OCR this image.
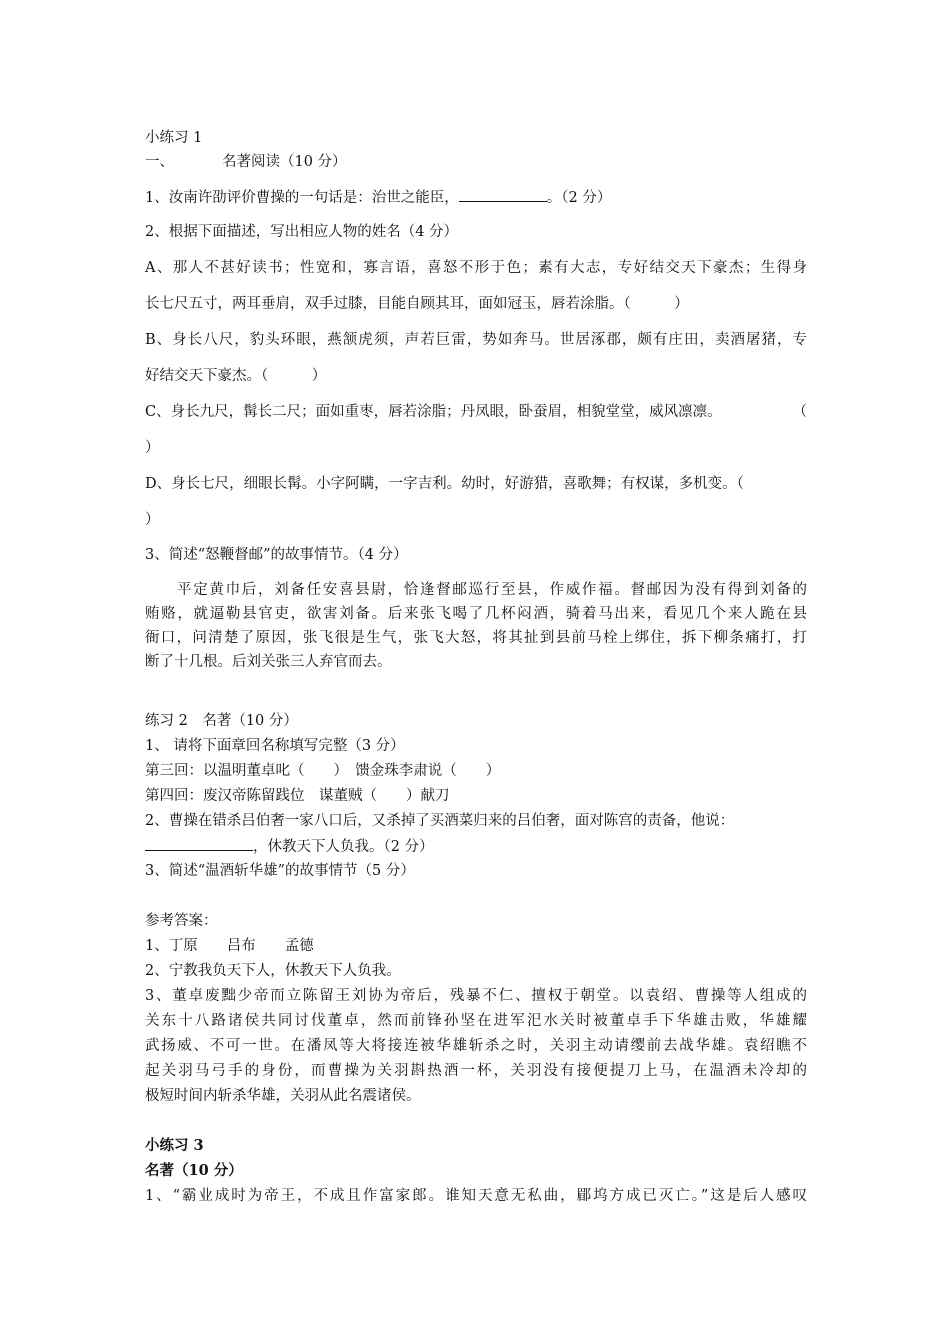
小练习 1
一、	名著阅读（10 分）
1、汝南许劭评价曹操的一句话是：治世之能臣，	。（2 分）
2、根据下面描述，写出相应人物的姓名（4 分）
A、那人不甚好读书；性宽和，寡言语，喜怒不形于色；素有大志，专好结交天下豪杰；生得身
长七尺五寸，两耳垂肩，双手过膝，目能自顾其耳，面如冠玉，唇若涂脂。（　　　）
B、身长八尺，豹头环眼，燕颔虎须，声若巨雷，势如奔马。世居涿郡，颇有庄田，卖酒屠猪，专
好结交天下豪杰。（　　　）
C、身长九尺，髯长二尺；面如重枣，唇若涂脂；丹凤眼，卧蚕眉，相貌堂堂，威风凛凛。	（
）
D、身长七尺，细眼长髯。小字阿瞒，一字吉利。幼时，好游猎，喜歌舞；有权谋，多机变。（
）
3、简述“怒鞭督邮”的故事情节。（4 分）
平定黄巾后，刘备任安喜县尉，恰逢督邮巡行至县，作威作福。督邮因为没有得到刘备的
贿赂，就逼勒县官吏，欲害刘备。后来张飞喝了几杯闷酒，骑着马出来，看见几个来人跪在县
衙口，问清楚了原因，张飞很是生气，张飞大怒，将其扯到县前马栓上绑住，拆下柳条痛打，打
断了十几根。后刘关张三人弃官而去。
练习 2　名著（10 分）
1、 请将下面章回名称填写完整（3 分）
第三回：以温明董卓叱（　　）　馈金珠李肃说（　　）
第四回：废汉帝陈留践位　谋董贼（　　）献刀
2、曹操在错杀吕伯奢一家八口后，又杀掉了买酒菜归来的吕伯奢，面对陈宫的责备，他说：
，休教天下人负我。（2 分）
3、简述“温酒斩华雄”的故事情节（5 分）
参考答案：
1、丁原　　吕布　　孟德
2、宁教我负天下人，休教天下人负我。
3、董卓废黜少帝而立陈留王刘协为帝后，残暴不仁、擅权于朝堂。以袁绍、曹操等人组成的
关东十八路诸侯共同讨伐董卓，然而前锋孙坚在进军汜水关时被董卓手下华雄击败，华雄耀
武扬威、不可一世。在潘凤等大将接连被华雄斩杀之时，关羽主动请缨前去战华雄。袁绍瞧不
起关羽马弓手的身份，而曹操为关羽斟热酒一杯，关羽没有接便提刀上马，在温酒未冷却的
极短时间内斩杀华雄，关羽从此名震诸侯。
小练习 3
名著（10 分）
1、“霸业成时为帝王，不成且作富家郎。谁知天意无私曲，郿坞方成已灭亡。”这是后人感叹
